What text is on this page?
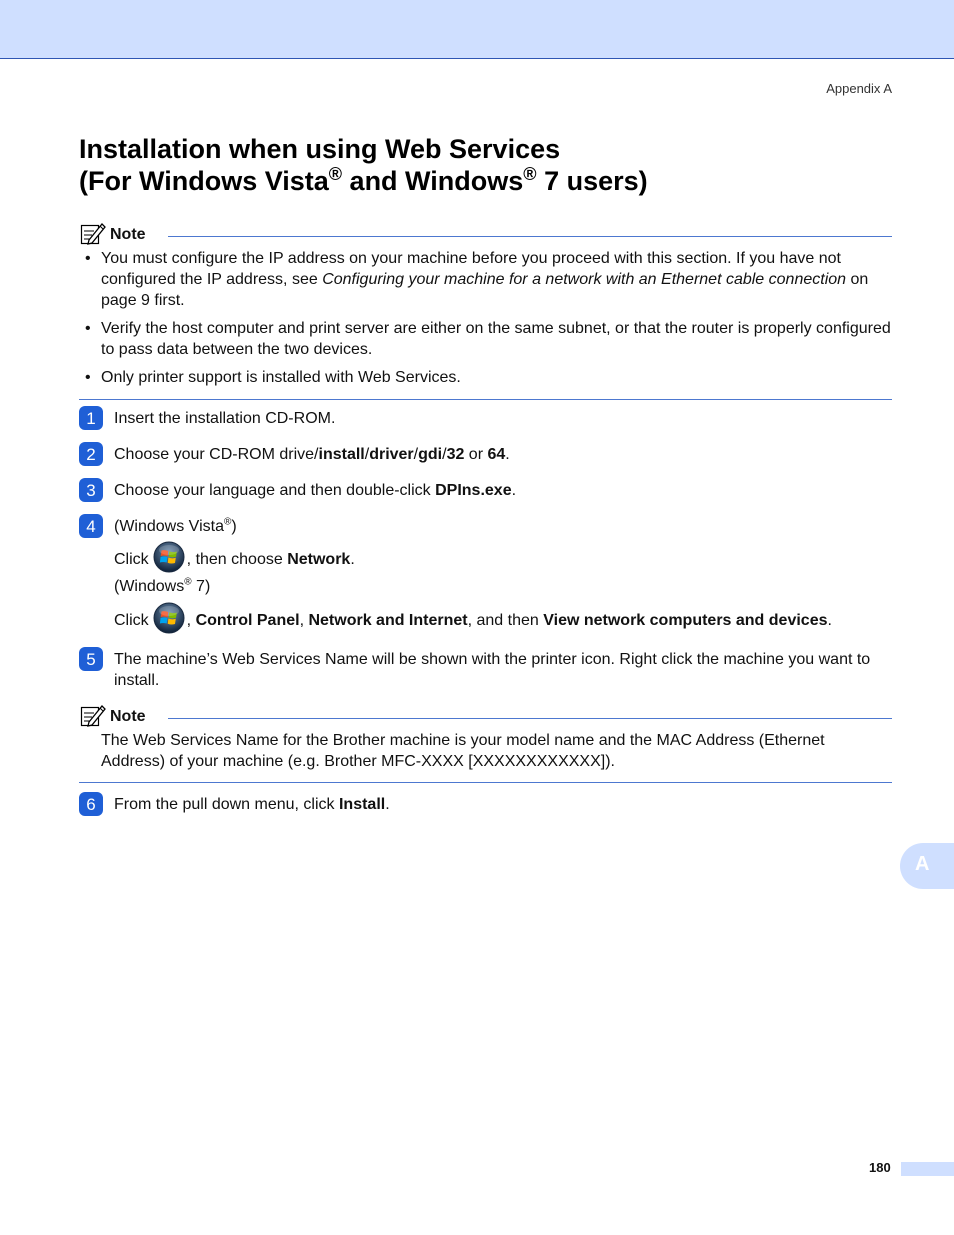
Appendix A
Installation when using Web Services
(For Windows Vista® and Windows® 7 users)
Note
• You must configure the IP address on your machine before you proceed with this section. If you have not configured the IP address, see Configuring your machine for a network with an Ethernet cable connection on page 9 first.
• Verify the host computer and print server are either on the same subnet, or that the router is properly configured to pass data between the two devices.
• Only printer support is installed with Web Services.
1 Insert the installation CD-ROM.
2 Choose your CD-ROM drive/install/driver/gdi/32 or 64.
3 Choose your language and then double-click DPIns.exe.
4 (Windows Vista®)
Click , then choose Network.
(Windows® 7)
Click , Control Panel, Network and Internet, and then View network computers and devices.
5 The machine’s Web Services Name will be shown with the printer icon. Right click the machine you want to install.
Note

The Web Services Name for the Brother machine is your model name and the MAC Address (Ethernet Address) of your machine (e.g. Brother MFC-XXXX [XXXXXXXXXXXX]).

6 From the pull down menu, click Install.
A
180
